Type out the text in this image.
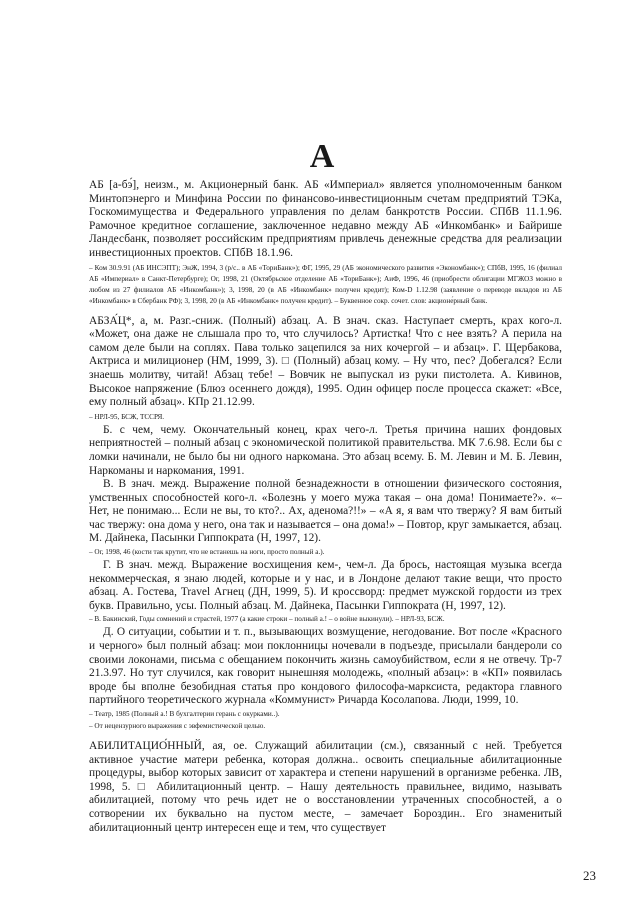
А

АБ [а-бэ́], неизм., м. Акционерный банк. АБ «Империал» является уполномоченным банком Минтопэнерго и Минфина России по финансово-инвестиционным счетам предприятий ТЭКа, Госкомимущества и Федерального управления по делам банкротств России. СПбВ 11.1.96. Рамочное кредитное соглашение, заключенное недавно между АБ «Инкомбанк» и Байрише Ландесбанк, позволяет российским предприятиям привлечь денежные средства для реализации инвестиционных проектов. СПбВ 18.1.96.

– Ком 30.9.91 (АБ ИНСЭПТ); ЭнЖ, 1994, 3 (р/с.. в АБ «ТориБанк»); ФГ, 1995, 29 (АБ экономического развития «Экономбанк»); СПбВ, 1995, 16 (филиал АБ «Империал» в Санкт-Петербурге); Ог, 1998, 21 (Октябрьское отделение АБ «ТориБанк»); АиФ, 1996, 46 (приобрести облигации МГЖОЗ можно в любом из 27 филиалов АБ «Инкомбанк»); 3, 1998, 20 (в АБ «Инкомбанк» получен кредит); Ком-D 1.12.98 (заявление о переводе вкладов из АБ «Инкомбанк» в Сбербанк РФ); 3, 1998, 20 (в АБ «Инкомбанк» получен кредит). – Буквенное сокр. сочет. слов: акционе́рный банк.

АБЗА́Ц*, а, м. Разг.-сниж. (Полный) абзац. А. В знач. сказ. Наступает смерть, крах кого-л. «Может, она даже не слышала про то, что случилось? Артистка! Что с нее взять? А перила на самом деле были на соплях. Пава только зацепился за них кочергой – и абзац». Г. Щербакова, Актриса и милиционер (НМ, 1999, 3). □ (Полный) абзац кому. – Ну что, пес? Добегался? Если знаешь молитву, читай! Абзац тебе! – Вовчик не выпускал из руки пистолета. А. Кивинов, Высокое напряжение (Блюз осеннего дождя), 1995. Один офицер после процесса скажет: «Все, ему полный абзац». КПр 21.12.99.

– НРЛ-95, БСЖ, ТССРЯ.

Б. с чем, чему. Окончательный конец, крах чего-л. Третья причина наших фондовых неприятностей – полный абзац с экономической политикой правительства. МК 7.6.98. Если бы с ломки начинали, не было бы ни одного наркомана. Это абзац всему. Б. М. Левин и М. Б. Левин, Наркоманы и наркомания, 1991.

В. В знач. межд. Выражение полной безнадежности в отношении физического состояния, умственных способностей кого-л. «Болезнь у моего мужа такая – она дома! Понимаете?». «– Нет, не понимаю... Если не вы, то кто?.. Ах, аденома?!!» – «А я, я вам что твержу? Я вам битый час твержу: она дома у него, она так и называется – она дома!» – Повтор, круг замыкается, абзац. М. Дайнека, Пасынки Гиппократа (Н, 1997, 12).

– Ог, 1998, 46 (кости так крутит, что не встанешь на ноги, просто полный а.).

Г. В знач. межд. Выражение восхищения кем-, чем-л. Да брось, настоящая музыка всегда некоммерческая, я знаю людей, которые и у нас, и в Лондоне делают такие вещи, что просто абзац. А. Гостева, Travel Агнец (ДН, 1999, 5). И кроссворд: предмет мужской гордости из трех букв. Правильно, усы. Полный абзац. М. Дайнека, Пасынки Гиппократа (Н, 1997, 12).

– В. Бакинский, Годы сомнений и страстей, 1977 (а какие строки – полный а.! – о войне выкинули). – НРЛ-93, БСЖ.

Д. О ситуации, событии и т. п., вызывающих возмущение, негодование. Вот после «Красного и черного» был полный абзац: мои поклонницы ночевали в подъезде, присылали бандероли со своими локонами, письма с обещанием покончить жизнь самоубийством, если я не отвечу. Тр-7 21.3.97. Но тут случился, как говорит нынешняя молодежь, «полный абзац»: в «КП» появилась вроде бы вполне безобидная статья про кондового философа-марксиста, редактора главного партийного теоретического журнала «Коммунист» Ричарда Косолапова. Люди, 1999, 10.

– Театр, 1985 (Полный а.! В бухгалтерии герань с окурками..).

– От нецензурного выражения с эвфемистической целью.

АБИЛИТАЦИО́ННЫЙ, ая, ое. Служащий абилитации (см.), связанный с ней. Требуется активное участие матери ребенка, которая должна.. освоить специальные абилитационные процедуры, выбор которых зависит от характера и степени нарушений в организме ребенка. ЛВ, 1998, 5. □ Абилитационный центр. – Нашу деятельность правильнее, видимо, называть абилитацией, потому что речь идет не о восстановлении утраченных способностей, а о сотворении их буквально на пустом месте, – замечает Бороздин.. Его знаменитый абилитационный центр интересен еще и тем, что существует

23
